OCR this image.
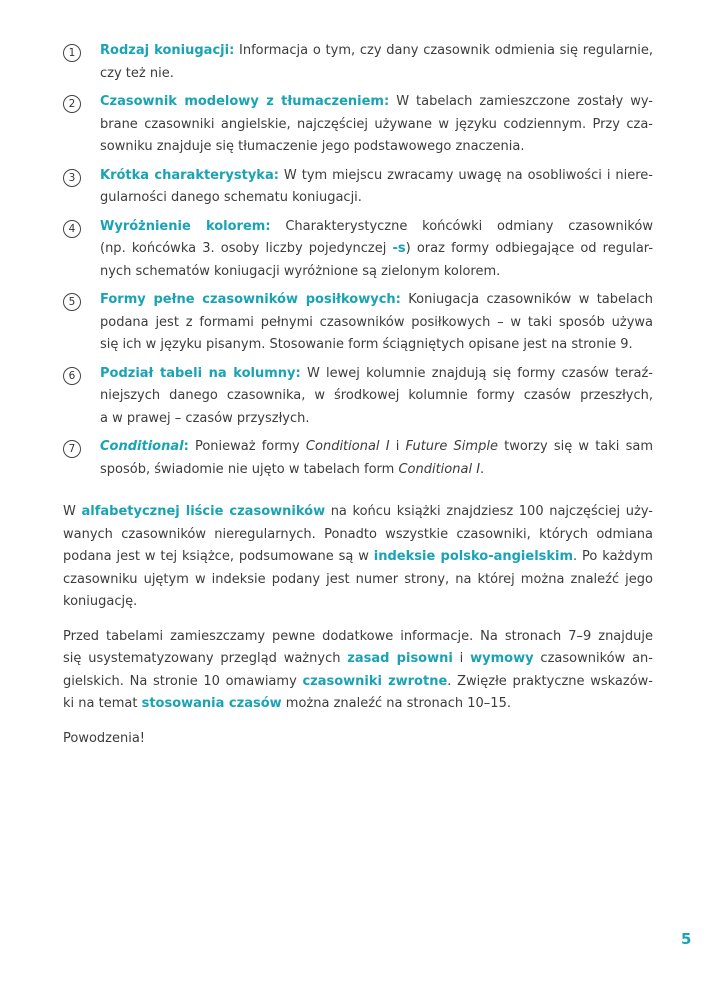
1	Rodzaj koniugacji: Informacja o tym, czy dany czasownik odmienia się regularnie,
czy też nie.
2	Czasownik modelowy z tłumaczeniem: W tabelach zamieszczone zostały wy-
brane czasowniki angielskie, najczęściej używane w języku codziennym. Przy cza-
sowniku znajduje się tłumaczenie jego podstawowego znaczenia.
3	Krótka charakterystyka: W tym miejscu zwracamy uwagę na osobliwości i niere-
gularności danego schematu koniugacji.
4	Wyróżnienie kolorem: Charakterystyczne końcówki odmiany czasowników
(np. końcówka 3. osoby liczby pojedynczej -s) oraz formy odbiegające od regular-
nych schematów koniugacji wyróżnione są zielonym kolorem.
5	Formy pełne czasowników posiłkowych: Koniugacja czasowników w tabelach
podana jest z formami pełnymi czasowników posiłkowych – w taki sposób używa
się ich w języku pisanym. Stosowanie form ściągniętych opisane jest na stronie 9.
6	Podział tabeli na kolumny: W lewej kolumnie znajdują się formy czasów teraź-
niejszych danego czasownika, w środkowej kolumnie formy czasów przeszłych,
a w prawej – czasów przyszłych.
7	Conditional: Ponieważ formy Conditional I i Future Simple tworzy się w taki sam
sposób, świadomie nie ujęto w tabelach form Conditional I.
W alfabetycznej liście czasowników na końcu książki znajdziesz 100 najczęściej uży-
wanych czasowników nieregularnych. Ponadto wszystkie czasowniki, których odmiana
podana jest w tej książce, podsumowane są w indeksie polsko-angielskim. Po każdym
czasowniku ujętym w indeksie podany jest numer strony, na której można znaleźć jego
koniugację.
Przed tabelami zamieszczamy pewne dodatkowe informacje. Na stronach 7–9 znajduje
się usystematyzowany przegląd ważnych zasad pisowni i wymowy czasowników an-
gielskich. Na stronie 10 omawiamy czasowniki zwrotne. Zwięzłe praktyczne wskazów-
ki na temat stosowania czasów można znaleźć na stronach 10–15.
Powodzenia!
5
